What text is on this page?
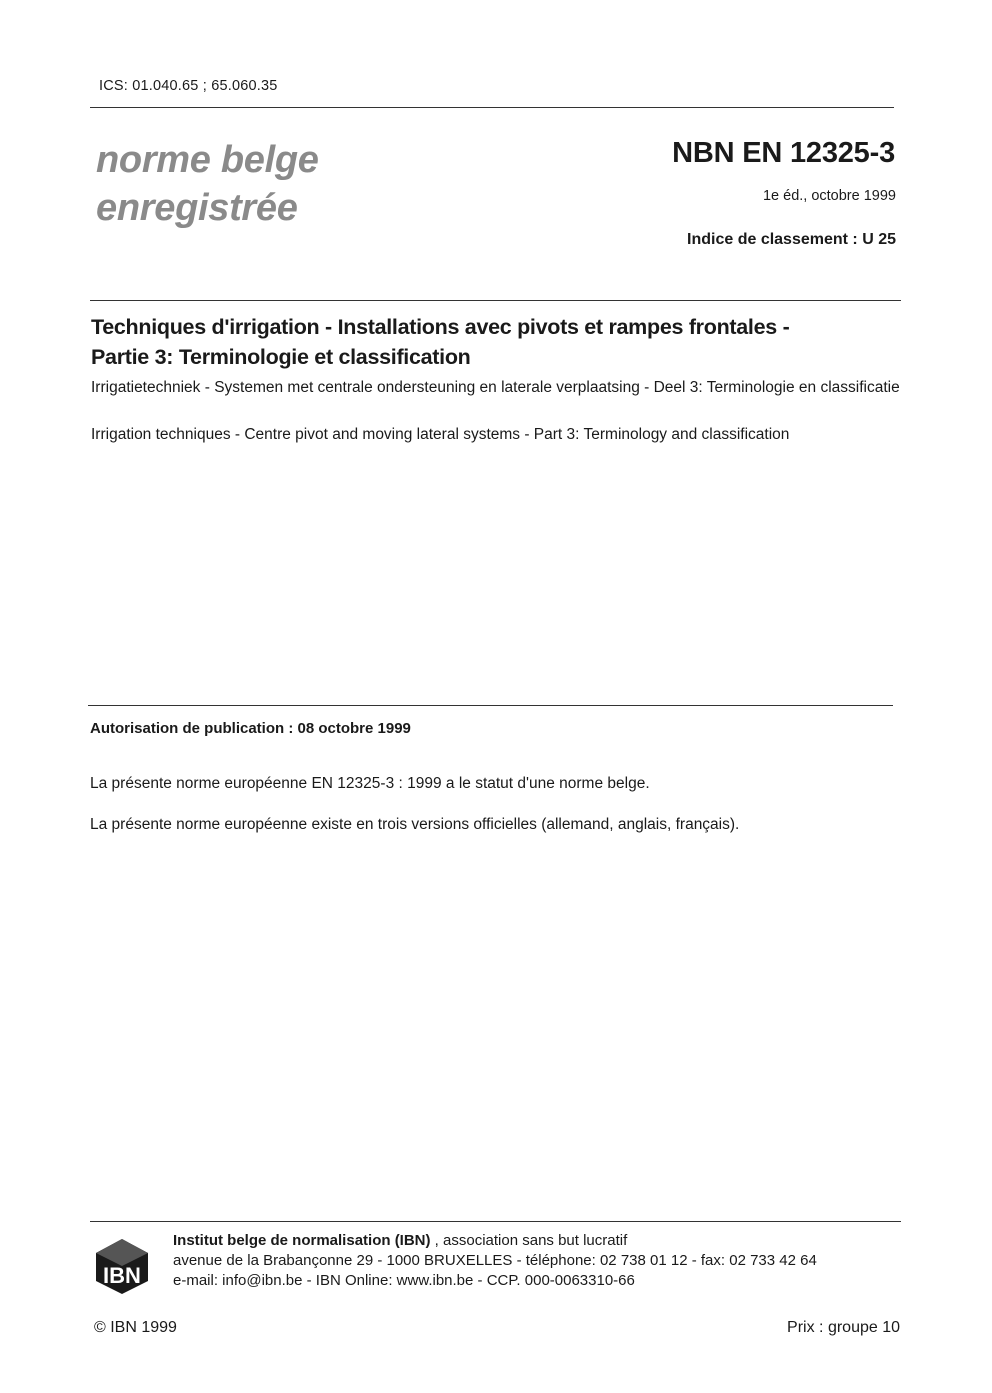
ICS: 01.040.65 ; 65.060.35
norme belge
enregistrée
NBN EN 12325-3
1e éd., octobre 1999
Indice de classement : U 25
Techniques d'irrigation - Installations avec pivots et rampes frontales -
Partie 3: Terminologie et classification
Irrigatietechniek - Systemen met centrale ondersteuning en laterale verplaatsing - Deel 3: Terminologie en classificatie
Irrigation techniques - Centre pivot and moving lateral systems - Part 3: Terminology and classification
Autorisation de publication : 08 octobre 1999
La présente norme européenne EN 12325-3 : 1999 a le statut d'une norme belge.
La présente norme européenne existe en trois versions officielles (allemand, anglais, français).
IBN
Institut belge de normalisation (IBN) , association sans but lucratif
avenue de la Brabançonne 29 - 1000 BRUXELLES - téléphone: 02 738 01 12 - fax: 02 733 42 64
e-mail: info@ibn.be - IBN Online: www.ibn.be - CCP. 000-0063310-66
© IBN 1999	Prix : groupe 10
